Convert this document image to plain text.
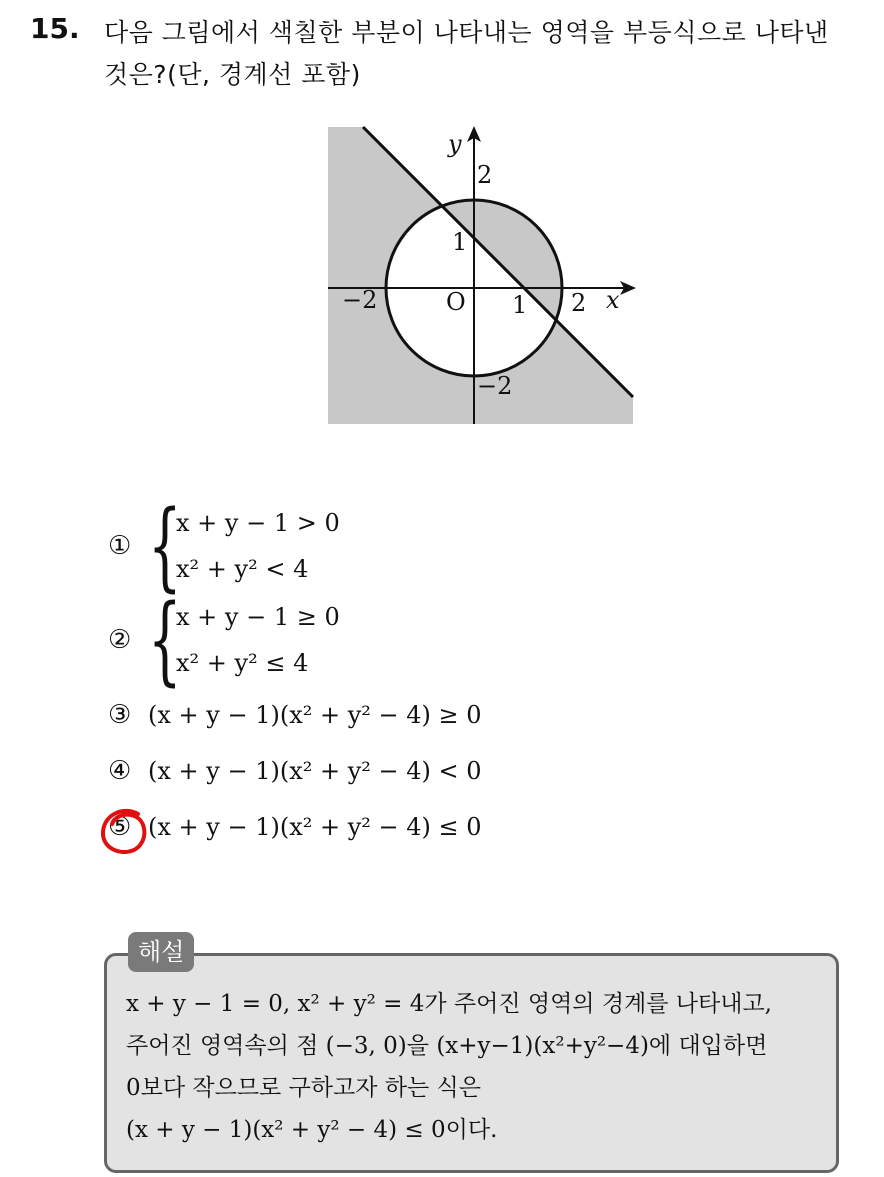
15. 다음 그림에서 색칠한 부분이 나타내는 영역을 부등식으로 나타낸
것은?(단, 경계선 포함)
y
x
O
2
1
−2	1 2
−2
① {
x + y − 1 > 0
x² + y² < 4
② {
x + y − 1 ≥ 0
x² + y² ≤ 4
③ (x + y − 1)(x² + y² − 4) ≥ 0
④ (x + y − 1)(x² + y² − 4) < 0
⑤ (x + y − 1)(x² + y² − 4) ≤ 0
해설
x + y − 1 = 0, x² + y² = 4가 주어진 영역의 경계를 나타내고,
주어진 영역속의 점 (−3, 0)을 (x+y−1)(x²+y²−4)에 대입하면
0보다 작으므로 구하고자 하는 식은
(x + y − 1)(x² + y² − 4) ≤ 0이다.
